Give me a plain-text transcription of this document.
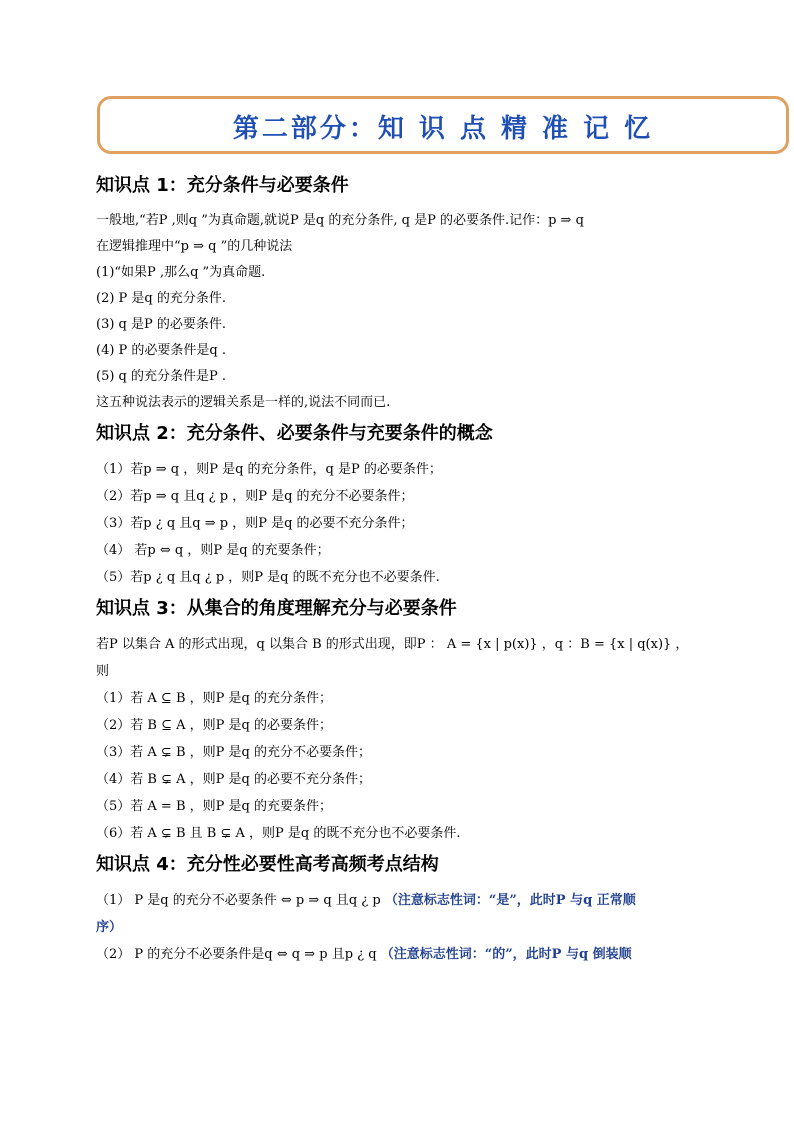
第二部分：知 识 点 精 准 记 忆
知识点 1：充分条件与必要条件

一般地,“若P ,则q ”为真命题,就说P 是q 的充分条件, q 是P 的必要条件.记作：p ⇒ q

在逻辑推理中“p ⇒ q ”的几种说法

(1)“如果P ,那么q ”为真命题.

(2) P 是q 的充分条件.

(3) q 是P 的必要条件.

(4) P 的必要条件是q .

(5) q 的充分条件是P .

这五种说法表示的逻辑关系是一样的,说法不同而已.

知识点 2：充分条件、必要条件与充要条件的概念

（1）若p ⇒ q ，则P 是q 的充分条件，q 是P 的必要条件；

（2）若p ⇒ q 且q ¿ p ，则P 是q 的充分不必要条件；

（3）若p ¿ q 且q ⇒ p ，则P 是q 的必要不充分条件；

（4） 若p ⇔ q ，则P 是q 的充要条件；

（5）若p ¿ q 且q ¿ p ，则P 是q 的既不充分也不必要条件.

知识点 3：从集合的角度理解充分与必要条件

若P 以集合 A 的形式出现，q 以集合 B 的形式出现，即P ： A = {x | p(x)} ，q ：B = {x | q(x)} ，

则

（1）若 A ⊆ B ，则P 是q 的充分条件；

（2）若 B ⊆ A ，则P 是q 的必要条件；

（3）若 A ⊊ B ，则P 是q 的充分不必要条件；

（4）若 B ⊊ A ，则P 是q 的必要不充分条件；

（5）若 A = B ，则P 是q 的充要条件；

（6）若 A ⊊ B 且 B ⊊ A ，则P 是q 的既不充分也不必要条件.

知识点 4：充分性必要性高考高频考点结构

（1） P 是q 的充分不必要条件 ⇔ p ⇒ q 且q ¿ p （注意标志性词：“是”，此时P 与q 正常顺

序）

（2） P 的充分不必要条件是q ⇔ q ⇒ p 且p ¿ q （注意标志性词：“的”，此时P 与q 倒装顺
